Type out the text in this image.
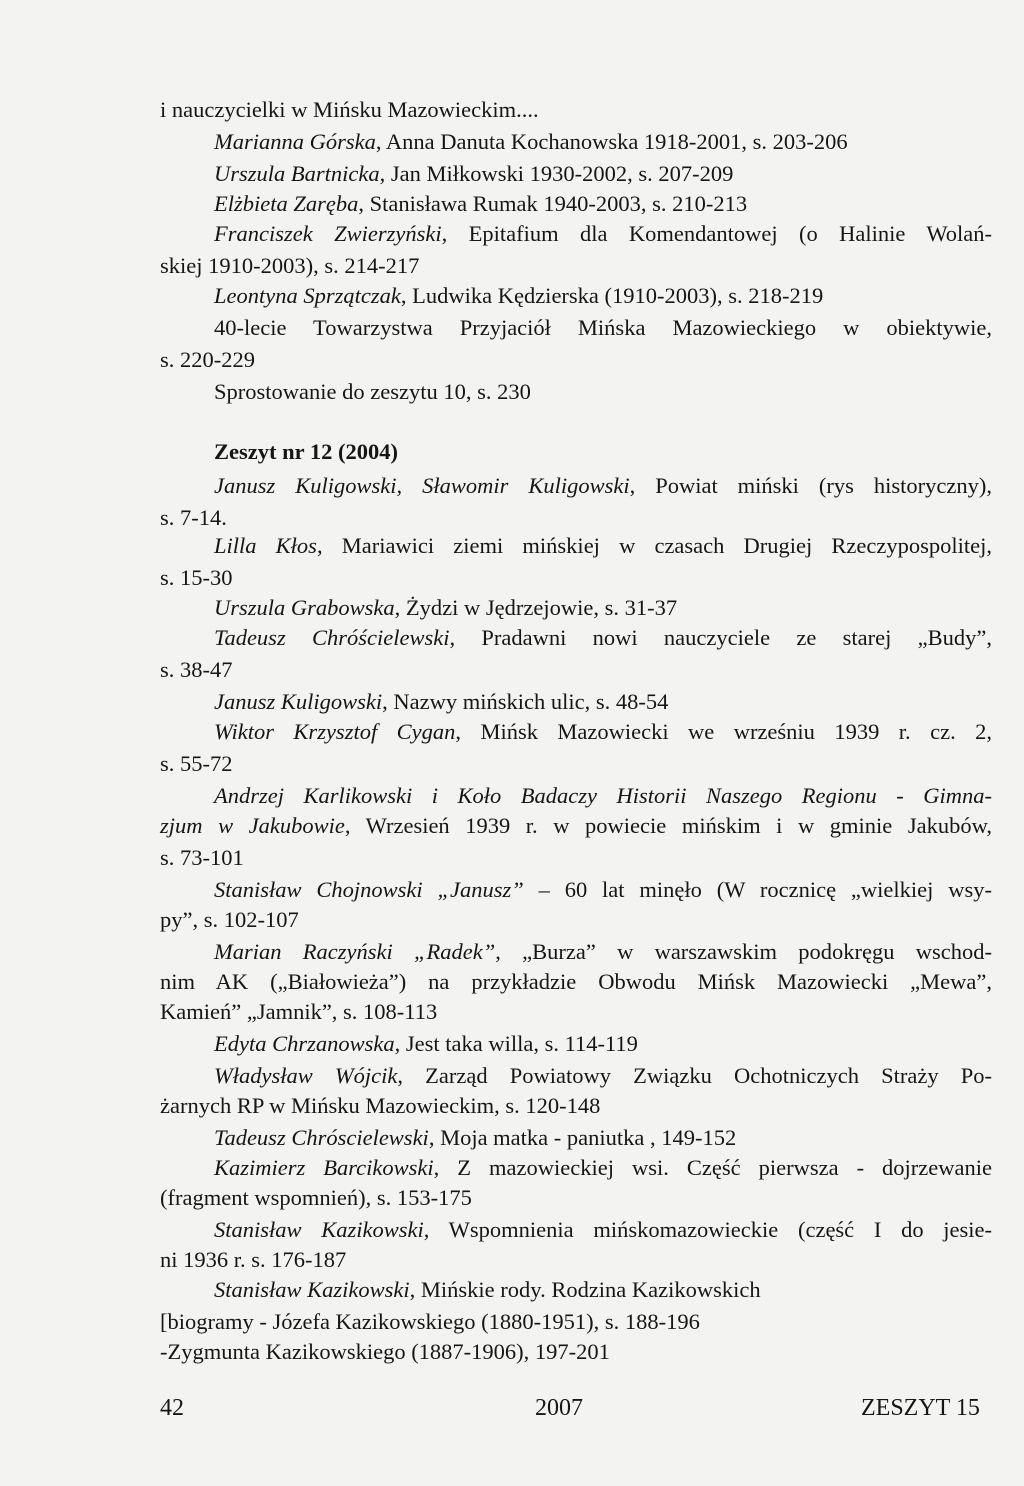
i nauczycielki w Mińsku Mazowieckim....
Marianna Górska, Anna Danuta Kochanowska 1918-2001, s. 203-206
Urszula Bartnicka, Jan Miłkowski 1930-2002, s. 207-209
Elżbieta Zaręba, Stanisława Rumak 1940-2003, s. 210-213
Franciszek Zwierzyński, Epitafium dla Komendantowej (o Halinie Wolań-
skiej 1910-2003), s. 214-217
Leontyna Sprzątczak, Ludwika Kędzierska (1910-2003), s. 218-219
40-lecie Towarzystwa Przyjaciół Mińska Mazowieckiego w obiektywie,
s. 220-229
Sprostowanie do zeszytu 10, s. 230
Zeszyt nr 12 (2004)
Janusz Kuligowski, Sławomir Kuligowski, Powiat miński (rys historyczny),
s. 7-14.
Lilla Kłos, Mariawici ziemi mińskiej w czasach Drugiej Rzeczypospolitej,
s. 15-30
Urszula Grabowska, Żydzi w Jędrzejowie, s. 31-37
Tadeusz Chróścielewski, Pradawni nowi nauczyciele ze starej „Budy”,
s. 38-47
Janusz Kuligowski, Nazwy mińskich ulic, s. 48-54
Wiktor Krzysztof Cygan, Mińsk Mazowiecki we wrześniu 1939 r. cz. 2,
s. 55-72
Andrzej Karlikowski i Koło Badaczy Historii Naszego Regionu - Gimna-
zjum w Jakubowie, Wrzesień 1939 r. w powiecie mińskim i w gminie Jakubów,
s. 73-101
Stanisław Chojnowski „Janusz” – 60 lat minęło (W rocznicę „wielkiej wsy-
py”, s. 102-107
Marian Raczyński „Radek”, „Burza” w warszawskim podokręgu wschod-
nim AK („Białowieża”) na przykładzie Obwodu Mińsk Mazowiecki „Mewa”,
Kamień” „Jamnik”, s. 108-113
Edyta Chrzanowska, Jest taka willa, s. 114-119
Władysław Wójcik, Zarząd Powiatowy Związku Ochotniczych Straży Po-
żarnych RP w Mińsku Mazowieckim, s. 120-148
Tadeusz Chróscielewski, Moja matka - paniutka , 149-152
Kazimierz Barcikowski, Z mazowieckiej wsi. Część pierwsza - dojrzewanie
(fragment wspomnień), s. 153-175
Stanisław Kazikowski, Wspomnienia mińskomazowieckie (część I do jesie-
ni 1936 r. s. 176-187
Stanisław Kazikowski, Mińskie rody. Rodzina Kazikowskich
[biogramy - Józefa Kazikowskiego (1880-1951), s. 188-196
-Zygmunta Kazikowskiego (1887-1906), 197-201
42	2007	ZESZYT 15
